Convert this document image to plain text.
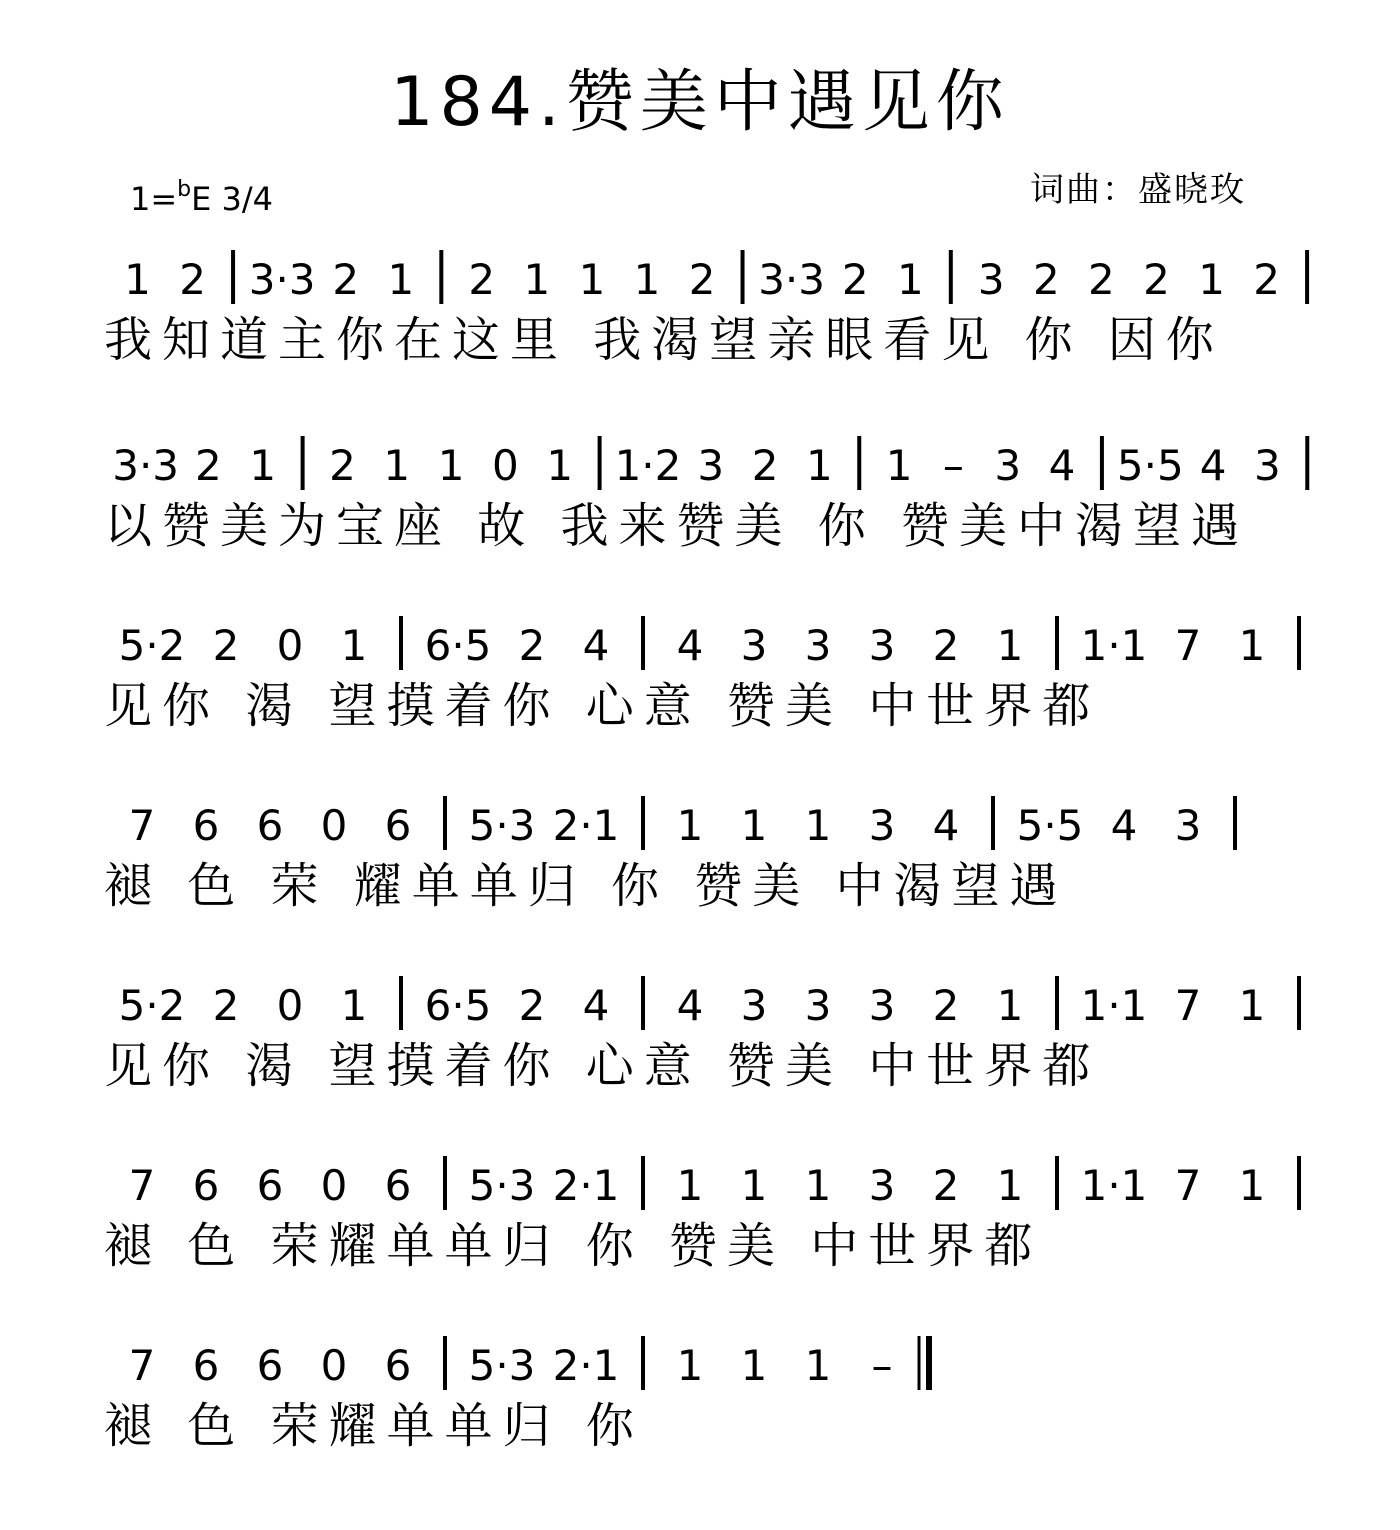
184.赞美中遇见你
1=$^b$E 3/4	词曲：盛晓玫
1 2 3·3 2 1 2 1 1 1 2 3·3 2 1 3 2 2 2 1 2
我知道主你在这里 我渴望亲眼看见 你 因你
3·3 2 1 2 1 1 0 1 1·2 3 2 1 1 – 3 4 5·5 4 3
以赞美为宝座 故 我来赞美 你 赞美中渴望遇
5·2 2 0 1 6·5 2 4 4 3 3 3 2 1 1·1 7 1
见你 渴 望摸着你 心意 赞美 中世界都
7 6 6 0 6 5·3 2·1 1 1 1 3 4 5·5 4 3
褪 色 荣 耀单单归 你 赞美 中渴望遇
5·2 2 0 1 6·5 2 4 4 3 3 3 2 1 1·1 7 1
见你 渴 望摸着你 心意 赞美 中世界都
7 6 6 0 6 5·3 2·1 1 1 1 3 2 1 1·1 7 1
褪 色 荣耀单单归 你 赞美 中世界都
7 6 6 0 6 5·3 2·1 1 1 1 –
褪 色 荣耀单单归 你
